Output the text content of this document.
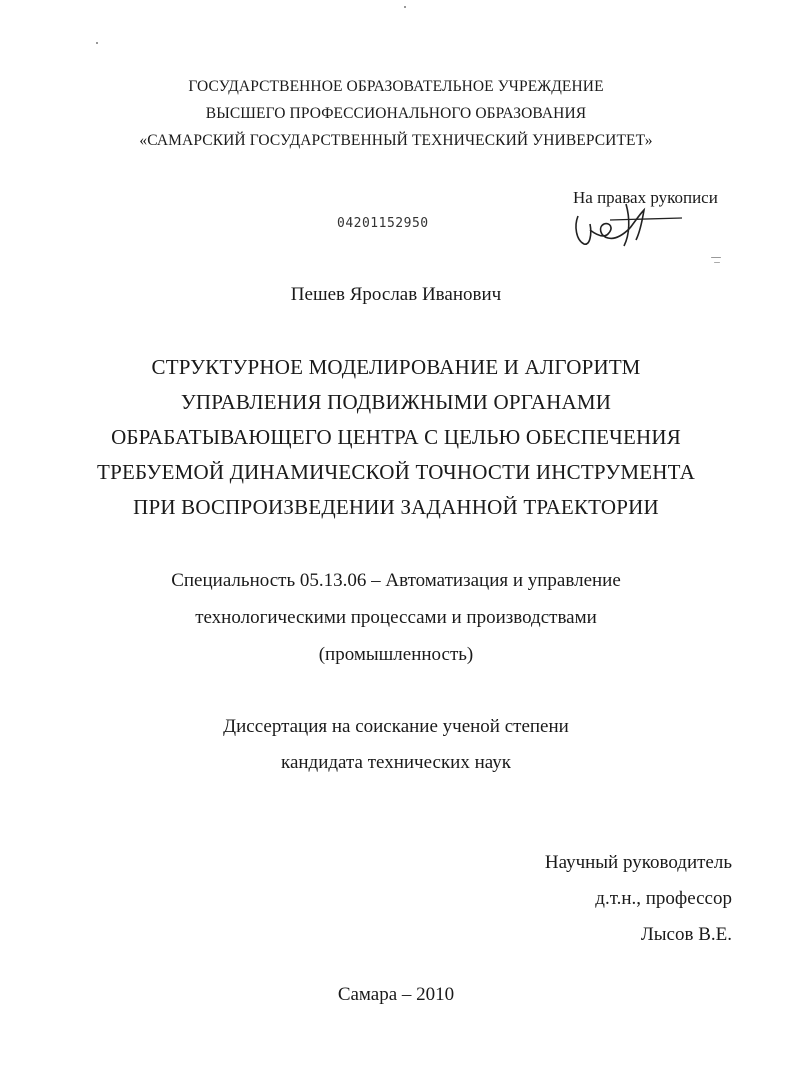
ГОСУДАРСТВЕННОЕ ОБРАЗОВАТЕЛЬНОЕ УЧРЕЖДЕНИЕ
ВЫСШЕГО ПРОФЕССИОНАЛЬНОГО ОБРАЗОВАНИЯ
«САМАРСКИЙ ГОСУДАРСТВЕННЫЙ ТЕХНИЧЕСКИЙ УНИВЕРСИТЕТ»
На правах рукописи
04201152950
Пешев Ярослав Иванович
СТРУКТУРНОЕ МОДЕЛИРОВАНИЕ И АЛГОРИТМ
УПРАВЛЕНИЯ ПОДВИЖНЫМИ ОРГАНАМИ
ОБРАБАТЫВАЮЩЕГО ЦЕНТРА С ЦЕЛЬЮ ОБЕСПЕЧЕНИЯ
ТРЕБУЕМОЙ ДИНАМИЧЕСКОЙ ТОЧНОСТИ ИНСТРУМЕНТА
ПРИ ВОСПРОИЗВЕДЕНИИ ЗАДАННОЙ ТРАЕКТОРИИ
Специальность 05.13.06 – Автоматизация и управление
технологическими процессами и производствами
(промышленность)
Диссертация на соискание ученой степени
кандидата технических наук
Научный руководитель
д.т.н., профессор
Лысов В.Е.
Самара – 2010
